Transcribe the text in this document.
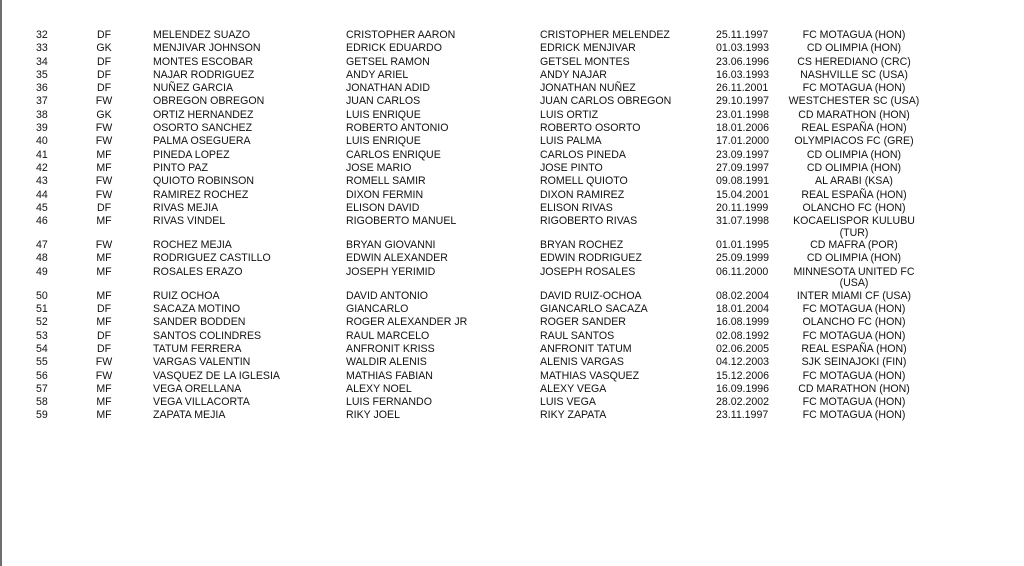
32	DF	MELENDEZ SUAZO	CRISTOPHER AARON	CRISTOPHER MELENDEZ	25.11.1997	FC MOTAGUA (HON)
33	GK	MENJIVAR JOHNSON	EDRICK EDUARDO	EDRICK MENJIVAR	01.03.1993	CD OLIMPIA (HON)
34	DF	MONTES ESCOBAR	GETSEL RAMON	GETSEL MONTES	23.06.1996	CS HEREDIANO (CRC)
35	DF	NAJAR RODRIGUEZ	ANDY ARIEL	ANDY NAJAR	16.03.1993	NASHVILLE SC (USA)
36	DF	NUÑEZ GARCIA	JONATHAN ADID	JONATHAN NUÑEZ	26.11.2001	FC MOTAGUA (HON)
37	FW	OBREGON OBREGON	JUAN CARLOS	JUAN CARLOS OBREGON	29.10.1997	WESTCHESTER SC (USA)
38	GK	ORTIZ HERNANDEZ	LUIS ENRIQUE	LUIS ORTIZ	23.01.1998	CD MARATHON (HON)
39	FW	OSORTO SANCHEZ	ROBERTO ANTONIO	ROBERTO OSORTO	18.01.2006	REAL ESPAÑA (HON)
40	FW	PALMA OSEGUERA	LUIS ENRIQUE	LUIS PALMA	17.01.2000	OLYMPIACOS FC (GRE)
41	MF	PINEDA LOPEZ	CARLOS ENRIQUE	CARLOS PINEDA	23.09.1997	CD OLIMPIA (HON)
42	MF	PINTO PAZ	JOSE MARIO	JOSE PINTO	27.09.1997	CD OLIMPIA (HON)
43	FW	QUIOTO ROBINSON	ROMELL SAMIR	ROMELL QUIOTO	09.08.1991	AL ARABI (KSA)
44	FW	RAMIREZ ROCHEZ	DIXON FERMIN	DIXON RAMIREZ	15.04.2001	REAL ESPAÑA (HON)
45	DF	RIVAS MEJIA	ELISON DAVID	ELISON RIVAS	20.11.1999	OLANCHO FC (HON)
46	MF	RIVAS VINDEL	RIGOBERTO MANUEL	RIGOBERTO RIVAS	31.07.1998	KOCAELISPOR KULUBU (TUR)
47	FW	ROCHEZ MEJIA	BRYAN GIOVANNI	BRYAN ROCHEZ	01.01.1995	CD MAFRA (POR)
48	MF	RODRIGUEZ CASTILLO	EDWIN ALEXANDER	EDWIN RODRIGUEZ	25.09.1999	CD OLIMPIA (HON)
49	MF	ROSALES ERAZO	JOSEPH YERIMID	JOSEPH ROSALES	06.11.2000	MINNESOTA UNITED FC (USA)
50	MF	RUIZ OCHOA	DAVID ANTONIO	DAVID RUIZ-OCHOA	08.02.2004	INTER MIAMI CF (USA)
51	DF	SACAZA MOTINO	GIANCARLO	GIANCARLO SACAZA	18.01.2004	FC MOTAGUA (HON)
52	MF	SANDER BODDEN	ROGER ALEXANDER JR	ROGER SANDER	16.08.1999	OLANCHO FC (HON)
53	DF	SANTOS COLINDRES	RAUL MARCELO	RAUL SANTOS	02.08.1992	FC MOTAGUA (HON)
54	DF	TATUM FERRERA	ANFRONIT KRISS	ANFRONIT TATUM	02.06.2005	REAL ESPAÑA (HON)
55	FW	VARGAS VALENTIN	WALDIR ALENIS	ALENIS VARGAS	04.12.2003	SJK SEINAJOKI (FIN)
56	FW	VASQUEZ DE LA IGLESIA	MATHIAS FABIAN	MATHIAS VASQUEZ	15.12.2006	FC MOTAGUA (HON)
57	MF	VEGA ORELLANA	ALEXY NOEL	ALEXY VEGA	16.09.1996	CD MARATHON (HON)
58	MF	VEGA VILLACORTA	LUIS FERNANDO	LUIS VEGA	28.02.2002	FC MOTAGUA (HON)
59	MF	ZAPATA MEJIA	RIKY JOEL	RIKY ZAPATA	23.11.1997	FC MOTAGUA (HON)
